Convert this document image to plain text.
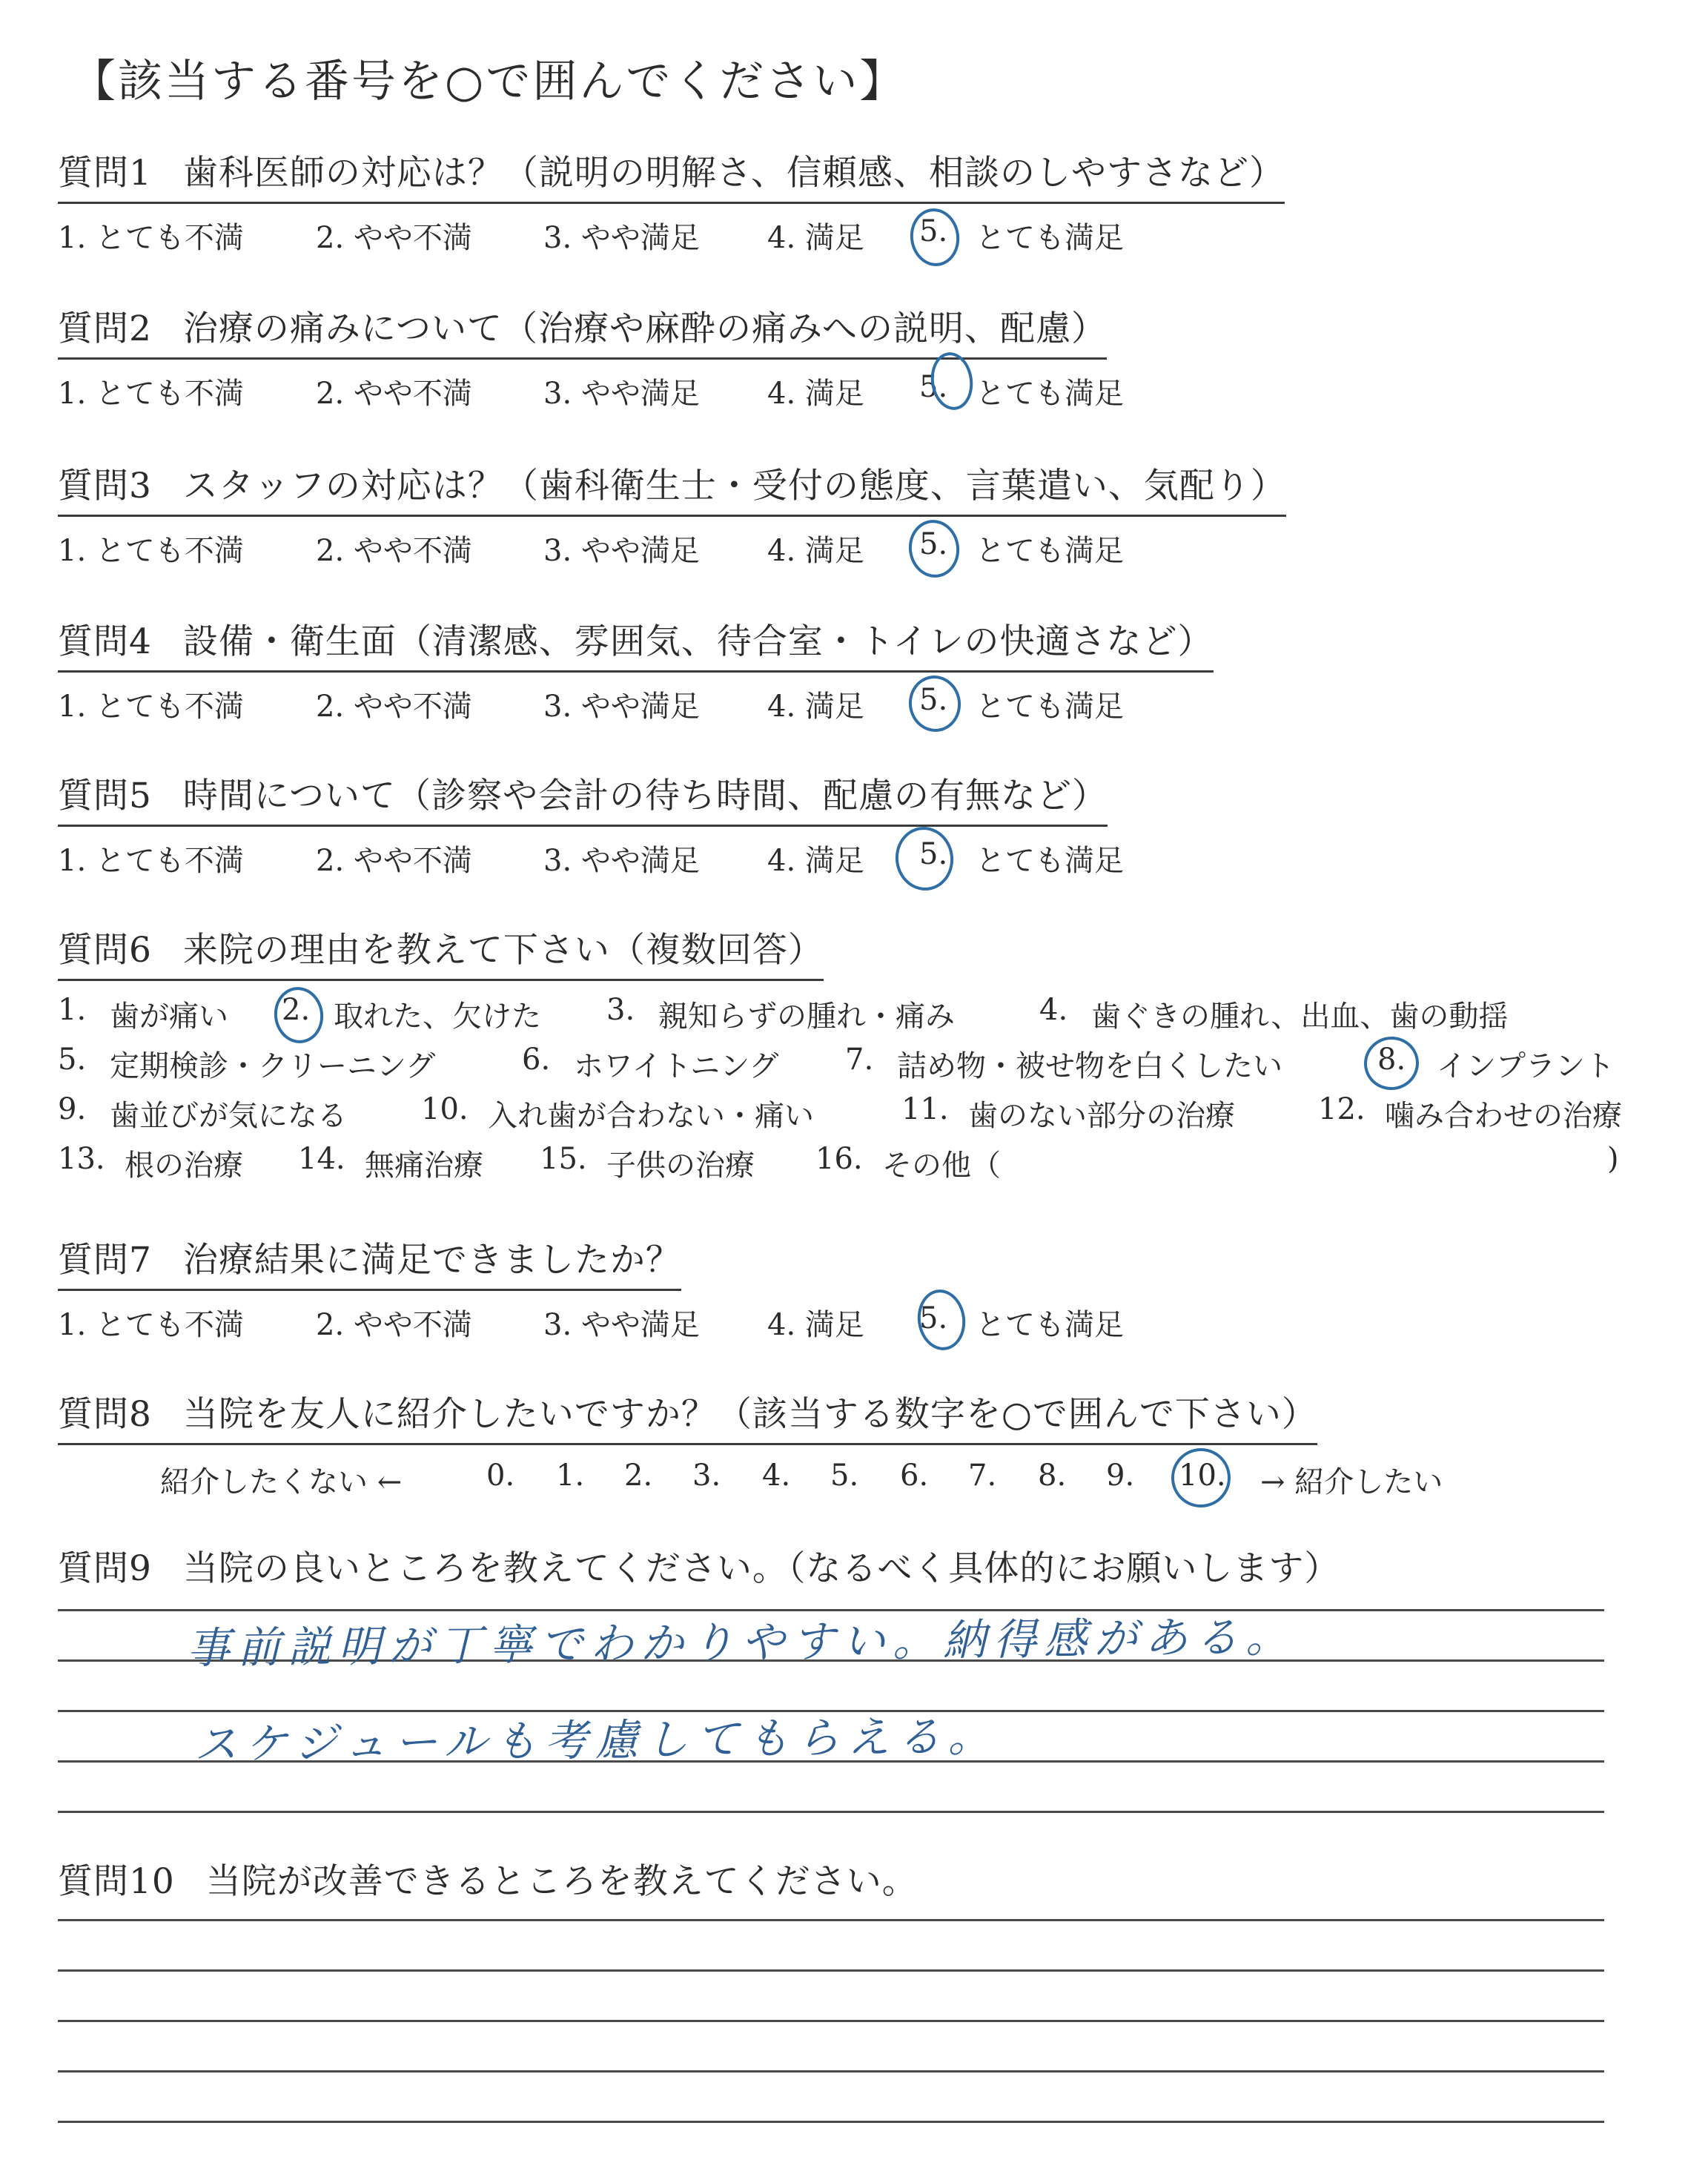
【該当する番号を○で囲んでください】
質問1 歯科医師の対応は？（説明の明解さ、信頼感、相談のしやすさなど）
1. とても不満 2. やや不満 3. やや満足 4. 満足 5. とても満足
質問2 治療の痛みについて（治療や麻酔の痛みへの説明、配慮）
1. とても不満 2. やや不満 3. やや満足 4. 満足 5. とても満足
質問3 スタッフの対応は？（歯科衛生士・受付の態度、言葉遣い、気配り）
1. とても不満 2. やや不満 3. やや満足 4. 満足 5. とても満足
質問4 設備・衛生面（清潔感、雰囲気、待合室・トイレの快適さなど）
1. とても不満 2. やや不満 3. やや満足 4. 満足 5. とても満足
質問5 時間について（診察や会計の待ち時間、配慮の有無など）
1. とても不満 2. やや不満 3. やや満足 4. 満足 5. とても満足
質問6 来院の理由を教えて下さい（複数回答）
1. 歯が痛い 2. 取れた、欠けた 3. 親知らずの腫れ・痛み	4. 歯ぐきの腫れ、出血、歯の動揺
5. 定期検診・クリーニング	6. ホワイトニング 7. 詰め物・被せ物を白くしたい	8. インプラント
9. 歯並びが気になる	10. 入れ歯が合わない・痛い	11. 歯のない部分の治療	12. 噛み合わせの治療
13. 根の治療 14. 無痛治療 15. 子供の治療 16. その他（	)
質問7 治療結果に満足できましたか？
1. とても不満 2. やや不満 3. やや満足 4. 満足 5. とても満足
質問8 当院を友人に紹介したいですか？（該当する数字を○で囲んで下さい）
紹介したくない ←	0. 1. 2. 3. 4. 5. 6. 7. 8. 9. 10. → 紹介したい
質問9 当院の良いところを教えてください。（なるべく具体的にお願いします）
事前説明が丁寧でわかりやすい。納得感がある。
スケジュールも考慮してもらえる。
質問10 当院が改善できるところを教えてください。
